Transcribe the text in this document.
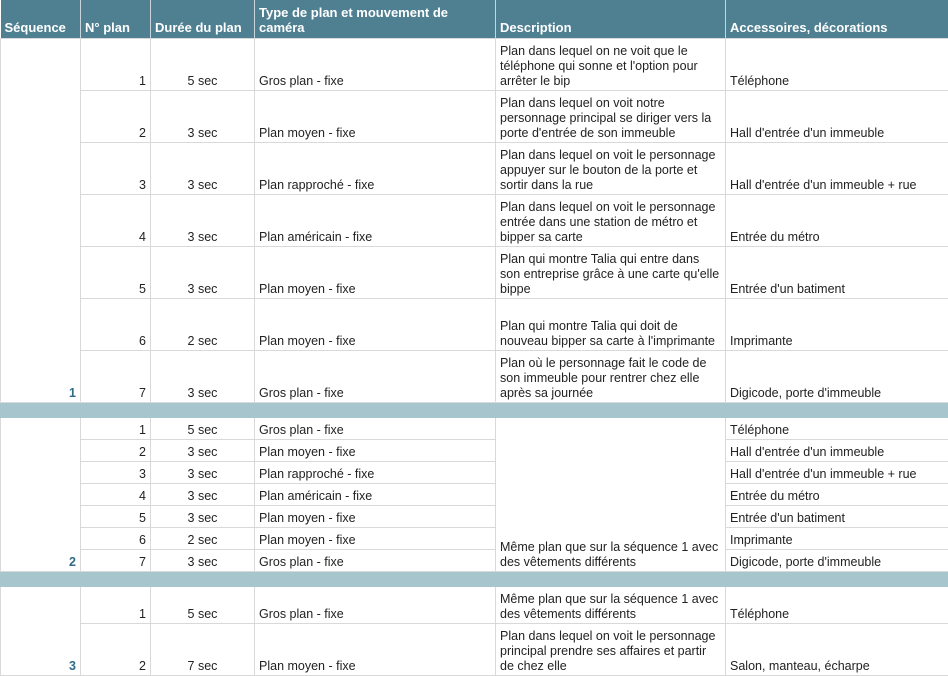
Séquence	N° plan	Durée du plan	Type de plan et mouvement de caméra	Description	Accessoires, décorations
1	1	5 sec	Gros plan - fixe	Plan dans lequel on ne voit que le téléphone qui sonne et l'option pour arrêter le bip	Téléphone
	2	3 sec	Plan moyen - fixe	Plan dans lequel on voit notre personnage principal se diriger vers la porte d'entrée de son immeuble	Hall d'entrée d'un immeuble
	3	3 sec	Plan rapproché - fixe	Plan dans lequel on voit le personnage appuyer sur le bouton de la porte et sortir dans la rue	Hall d'entrée d'un immeuble + rue
	4	3 sec	Plan américain - fixe	Plan dans lequel on voit le personnage entrée dans une station de métro et bipper sa carte	Entrée du métro
	5	3 sec	Plan moyen - fixe	Plan qui montre Talia qui entre dans son entreprise grâce à une carte qu'elle bippe	Entrée d'un batiment
	6	2 sec	Plan moyen - fixe	Plan qui montre Talia qui doit de nouveau bipper sa carte à l'imprimante	Imprimante
	7	3 sec	Gros plan - fixe	Plan où le personnage fait le code de son immeuble pour rentrer chez elle après sa journée	Digicode, porte d'immeuble

2	1	5 sec	Gros plan - fixe	Même plan que sur la séquence 1 avec des vêtements différents	Téléphone
	2	3 sec	Plan moyen - fixe		Hall d'entrée d'un immeuble
	3	3 sec	Plan rapproché - fixe		Hall d'entrée d'un immeuble + rue
	4	3 sec	Plan américain - fixe		Entrée du métro
	5	3 sec	Plan moyen - fixe		Entrée d'un batiment
	6	2 sec	Plan moyen - fixe		Imprimante
	7	3 sec	Gros plan - fixe		Digicode, porte d'immeuble

3	1	5 sec	Gros plan - fixe	Même plan que sur la séquence 1 avec des vêtements différents	Téléphone
	2	7 sec	Plan moyen - fixe	Plan dans lequel on voit le personnage principal prendre ses affaires et partir de chez elle	Salon, manteau, écharpe
